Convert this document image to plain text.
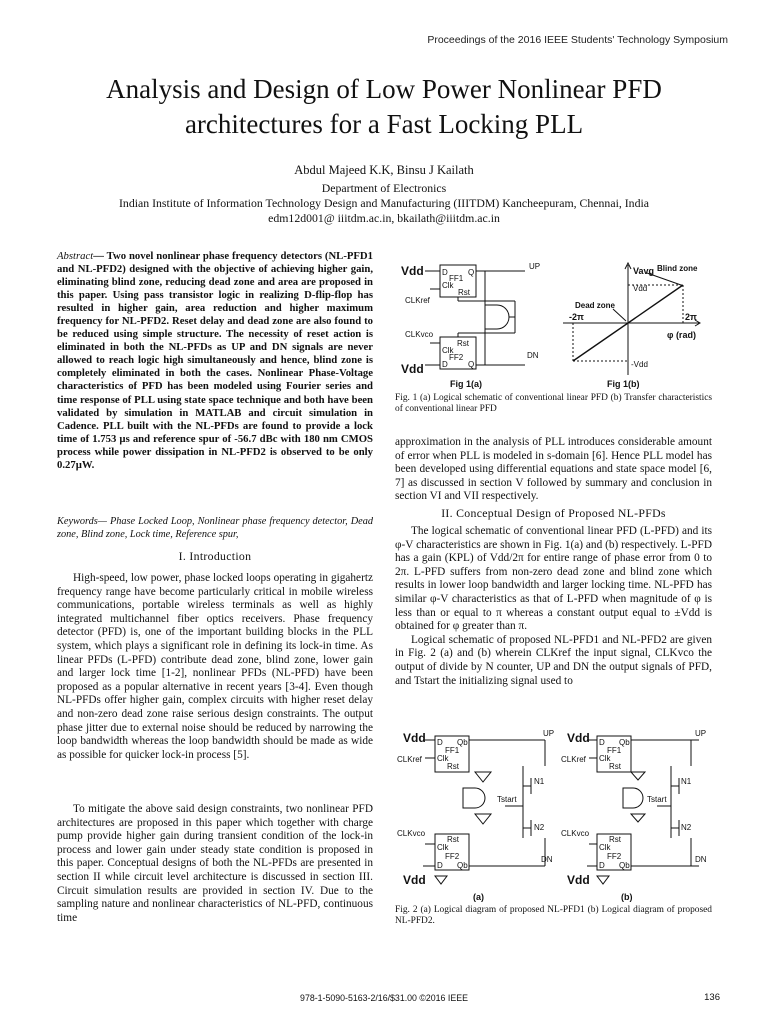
Proceedings of the 2016 IEEE Students' Technology Symposium
Analysis and Design of Low Power Nonlinear PFD
architectures for a Fast Locking PLL
Abdul Majeed K.K, Binsu J Kailath
Department of Electronics
Indian Institute of Information Technology Design and Manufacturing (IIITDM) Kancheepuram, Chennai, India
edm12d001@ iiitdm.ac.in, bkailath@iiitdm.ac.in

Abstract— Two novel nonlinear phase frequency detectors (NL-PFD1 and NL-PFD2) designed with the objective of achieving higher gain, eliminating blind zone, reducing dead zone and area are proposed in this paper. Using pass transistor logic in realizing D-flip-flop has resulted in higher gain, area reduction and higher maximum frequency for NL-PFD2. Reset delay and dead zone are also found to be reduced using simple structure. The necessity of reset action is eliminated in both the NL-PFDs as UP and DN signals are never allowed to reach logic high simultaneously and hence, blind zone is completely eliminated in both the cases. Nonlinear Phase-Voltage characteristics of PFD has been modeled using Fourier series and time response of PLL using state space technique and both have been validated by simulation in MATLAB and circuit simulation in Cadence. PLL built with the NL-PFDs are found to provide a lock time of 1.753 µs and reference spur of -56.7 dBc with 180 nm CMOS process while power dissipation in NL-PFD2 is observed to be only 0.27µW.

Keywords— Phase Locked Loop, Nonlinear phase frequency detector, Dead zone, Blind zone, Lock time, Reference spur,
I. Introduction
High-speed, low power, phase locked loops operating in gigahertz frequency range have become particularly critical in mobile wireless communications, portable wireless terminals as well as highly integrated multichannel fiber optics receivers. Phase frequency detector (PFD) is, one of the important building blocks in the PLL system, which plays a significant role in defining its lock-in time. As linear PFDs (L-PFD) contribute dead zone, blind zone, lower gain and larger lock time [1-2], nonlinear PFDs (NL-PFD) have been proposed as a popular alternative in recent years [3-4]. Even though NL-PFDs offer higher gain, complex circuits with higher reset delay and non-zero dead zone raise serious design constraints. The output phase jitter due to external noise should be reduced by narrowing the loop bandwidth whereas the loop bandwidth should be made as wide as possible for quicker lock-in process [5].
To mitigate the above said design constraints, two nonlinear PFD architectures are proposed in this paper which together with charge pump provide higher gain during transient condition of the lock-in process and lower gain under steady state condition is proposed in this paper. Conceptual designs of both the NL-PFDs are presented in section II while circuit level architecture is discussed in section III. Circuit simulation results are provided in section IV. Due to the sampling nature and nonlinear characteristics of NL-PFD, continuous time
Vdd
Vdd
D
FF1
Q
Clk
Rst
Rst
Clk
FF2
D	Q
CLKref
CLKvco
UP
DN
Fig 1(a)	Fig 1(b)
Vavg Blind zone
Dead zone
-2π	2π
φ (rad)
Vdd
-Vdd
Fig. 1 (a) Logical schematic of conventional linear PFD (b) Transfer characteristics of conventional linear PFD
approximation in the analysis of PLL introduces considerable amount of error when PLL is modeled in s-domain [6]. Hence PLL model has been developed using differential equations and state space model [6, 7] as discussed in section V followed by summary and conclusion in section VI and VII respectively.
II. Conceptual Design of Proposed NL-PFDs

The logical schematic of conventional linear PFD (L-PFD) and its φ-V characteristics are shown in Fig. 1(a) and (b) respectively. L-PFD has a gain (KPL) of Vdd/2π for entire range of phase error from 0 to 2π. L-PFD suffers from non-zero dead zone and blind zone which results in lower loop bandwidth and larger locking time. NL-PFD has similar φ-V characteristics as that of L-PFD when magnitude of φ is less than or equal to π whereas a constant output equal to ±Vdd is obtained for φ greater than π.

Logical schematic of proposed NL-PFD1 and NL-PFD2 are given in Fig. 2 (a) and (b) wherein CLKref the input signal, CLKvco the output of divide by N counter, UP and DN the output signals of PFD, and Tstart the initializing signal used to

Vdd
Vdd
D Qb
FF1
Clk
Rst
Rst
Clk
FF2
D Qb
CLKref
CLKvco
UP
DN
Tstart
N1
N2
(a)
Vdd
Vdd
D Qb
FF1
Clk
Rst
Rst
Clk
FF2
D Qb
CLKref
CLKvco
UP
DN
Tstart
N1
N2
(b)
Fig. 2 (a) Logical diagram of proposed NL-PFD1 (b) Logical diagram of proposed NL-PFD2.
978-1-5090-5163-2/16/$31.00 ©2016 IEEE	136
